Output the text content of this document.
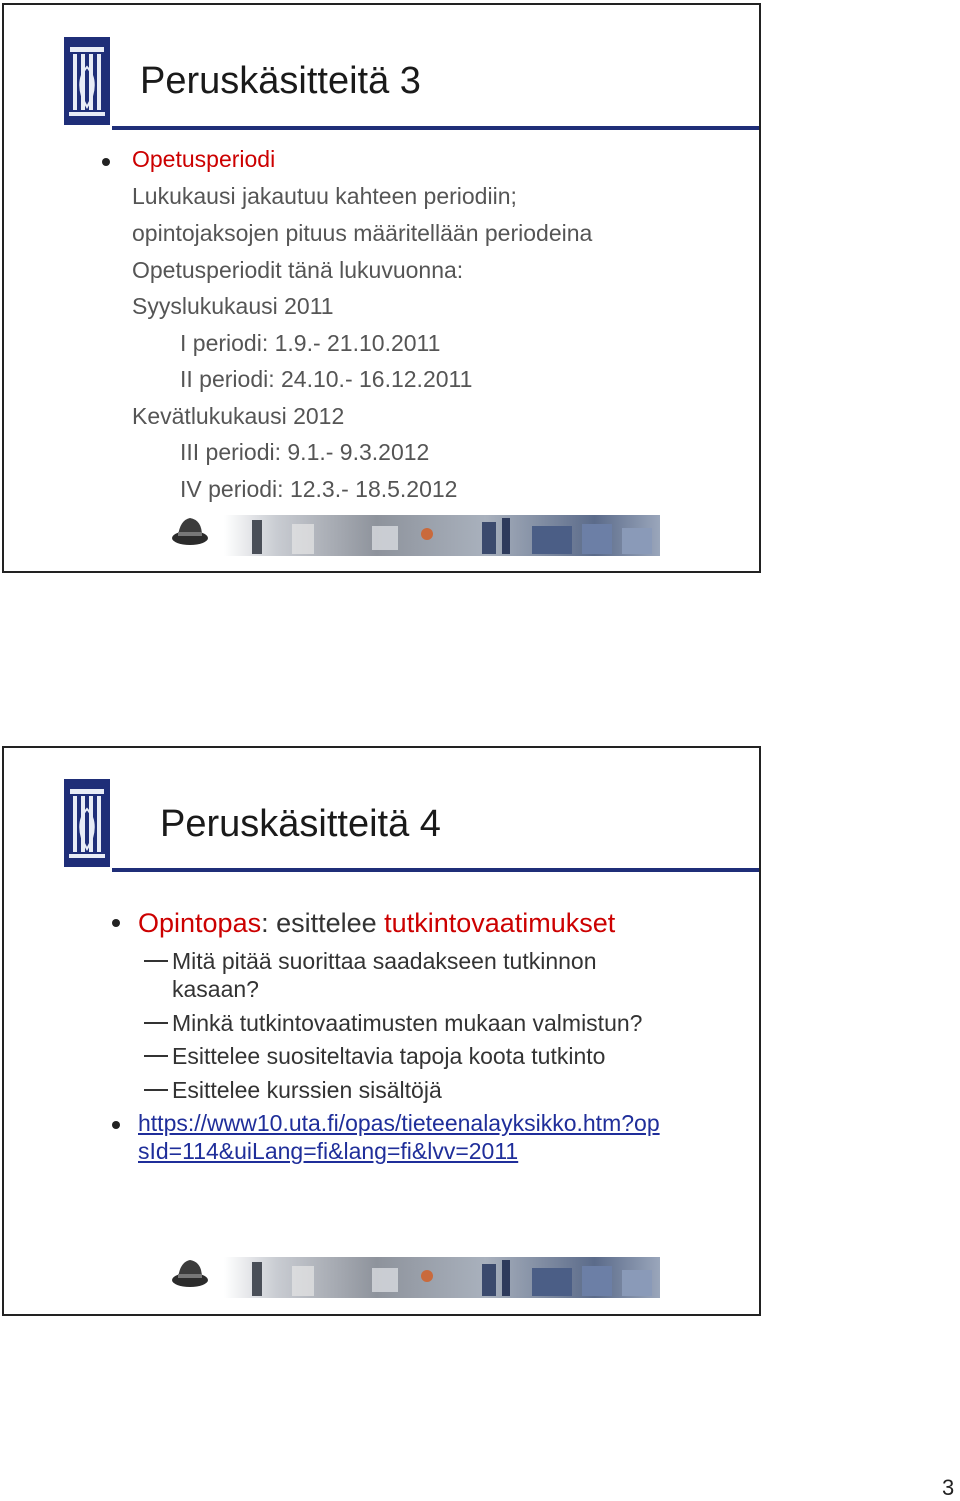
Peruskäsitteitä 3
Opetusperiodi
Lukukausi jakautuu kahteen periodiin;
opintojaksojen pituus määritellään periodeina
Opetusperiodit tänä lukuvuonna:
Syyslukukausi 2011
I periodi: 1.9.- 21.10.2011
II periodi: 24.10.- 16.12.2011
Kevätlukukausi 2012
III periodi: 9.1.- 9.3.2012
IV periodi: 12.3.- 18.5.2012
Peruskäsitteitä 4
Opintopas: esittelee tutkintovaatimukset
Mitä pitää suorittaa saadakseen tutkinnon
kasaan?
Minkä tutkintovaatimusten mukaan valmistun?
Esittelee suositeltavia tapoja koota tutkinto
Esittelee kurssien sisältöjä
https://www10.uta.fi/opas/tieteenalayksikko.htm?op
sId=114&uiLang=fi&lang=fi&lvv=2011
3
